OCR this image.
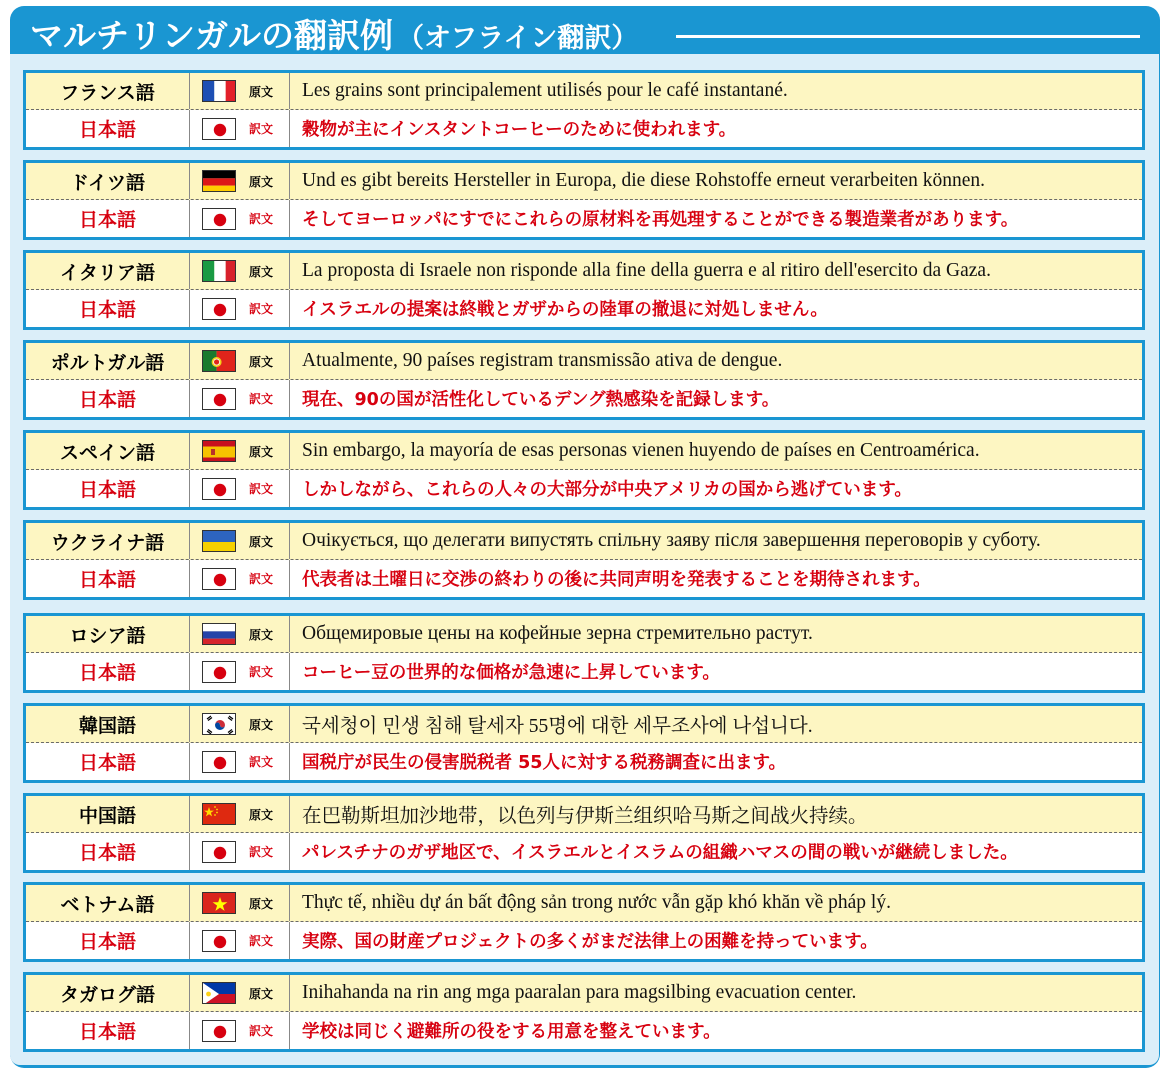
マルチリンガルの翻訳例 （オフライン翻訳）
フランス語	原文	Les grains sont principalement utilisés pour le café instantané.
日本語	訳文	穀物が主にインスタントコーヒーのために使われます。
ドイツ語	原文	Und es gibt bereits Hersteller in Europa, die diese Rohstoffe erneut verarbeiten können.
日本語	訳文	そしてヨーロッパにすでにこれらの原材料を再処理することができる製造業者があります。
イタリア語	原文	La proposta di Israele non risponde alla fine della guerra e al ritiro dell'esercito da Gaza.
日本語	訳文	イスラエルの提案は終戦とガザからの陸軍の撤退に対処しません。
ポルトガル語	原文	Atualmente, 90 países registram transmissão ativa de dengue.
日本語	訳文	現在、90の国が活性化しているデング熱感染を記録します。
スペイン語	原文	Sin embargo, la mayoría de esas personas vienen huyendo de países en Centroamérica.
日本語	訳文	しかしながら、これらの人々の大部分が中央アメリカの国から逃げています。
ウクライナ語	原文	Очікується, що делегати випустять спільну заяву після завершення переговорів у суботу.
日本語	訳文	代表者は土曜日に交渉の終わりの後に共同声明を発表することを期待されます。
ロシア語	原文	Общемировые цены на кофейные зерна стремительно растут.
日本語	訳文	コーヒー豆の世界的な価格が急速に上昇しています。
韓国語	原文	국세청이 민생 침해 탈세자 55명에 대한 세무조사에 나섭니다.
日本語	訳文	国税庁が民生の侵害脱税者 55人に対する税務調査に出ます。
中国語	原文	在巴勒斯坦加沙地带，以色列与伊斯兰组织哈马斯之间战火持续。
日本語	訳文	パレスチナのガザ地区で、イスラエルとイスラムの組織ハマスの間の戦いが継続しました。
ベトナム語	原文	Thực tế, nhiều dự án bất động sản trong nước vẫn gặp khó khăn về pháp lý.
日本語	訳文	実際、国の財産プロジェクトの多くがまだ法律上の困難を持っています。
タガログ語	原文	Inihahanda na rin ang mga paaralan para magsilbing evacuation center.
日本語	訳文	学校は同じく避難所の役をする用意を整えています。
